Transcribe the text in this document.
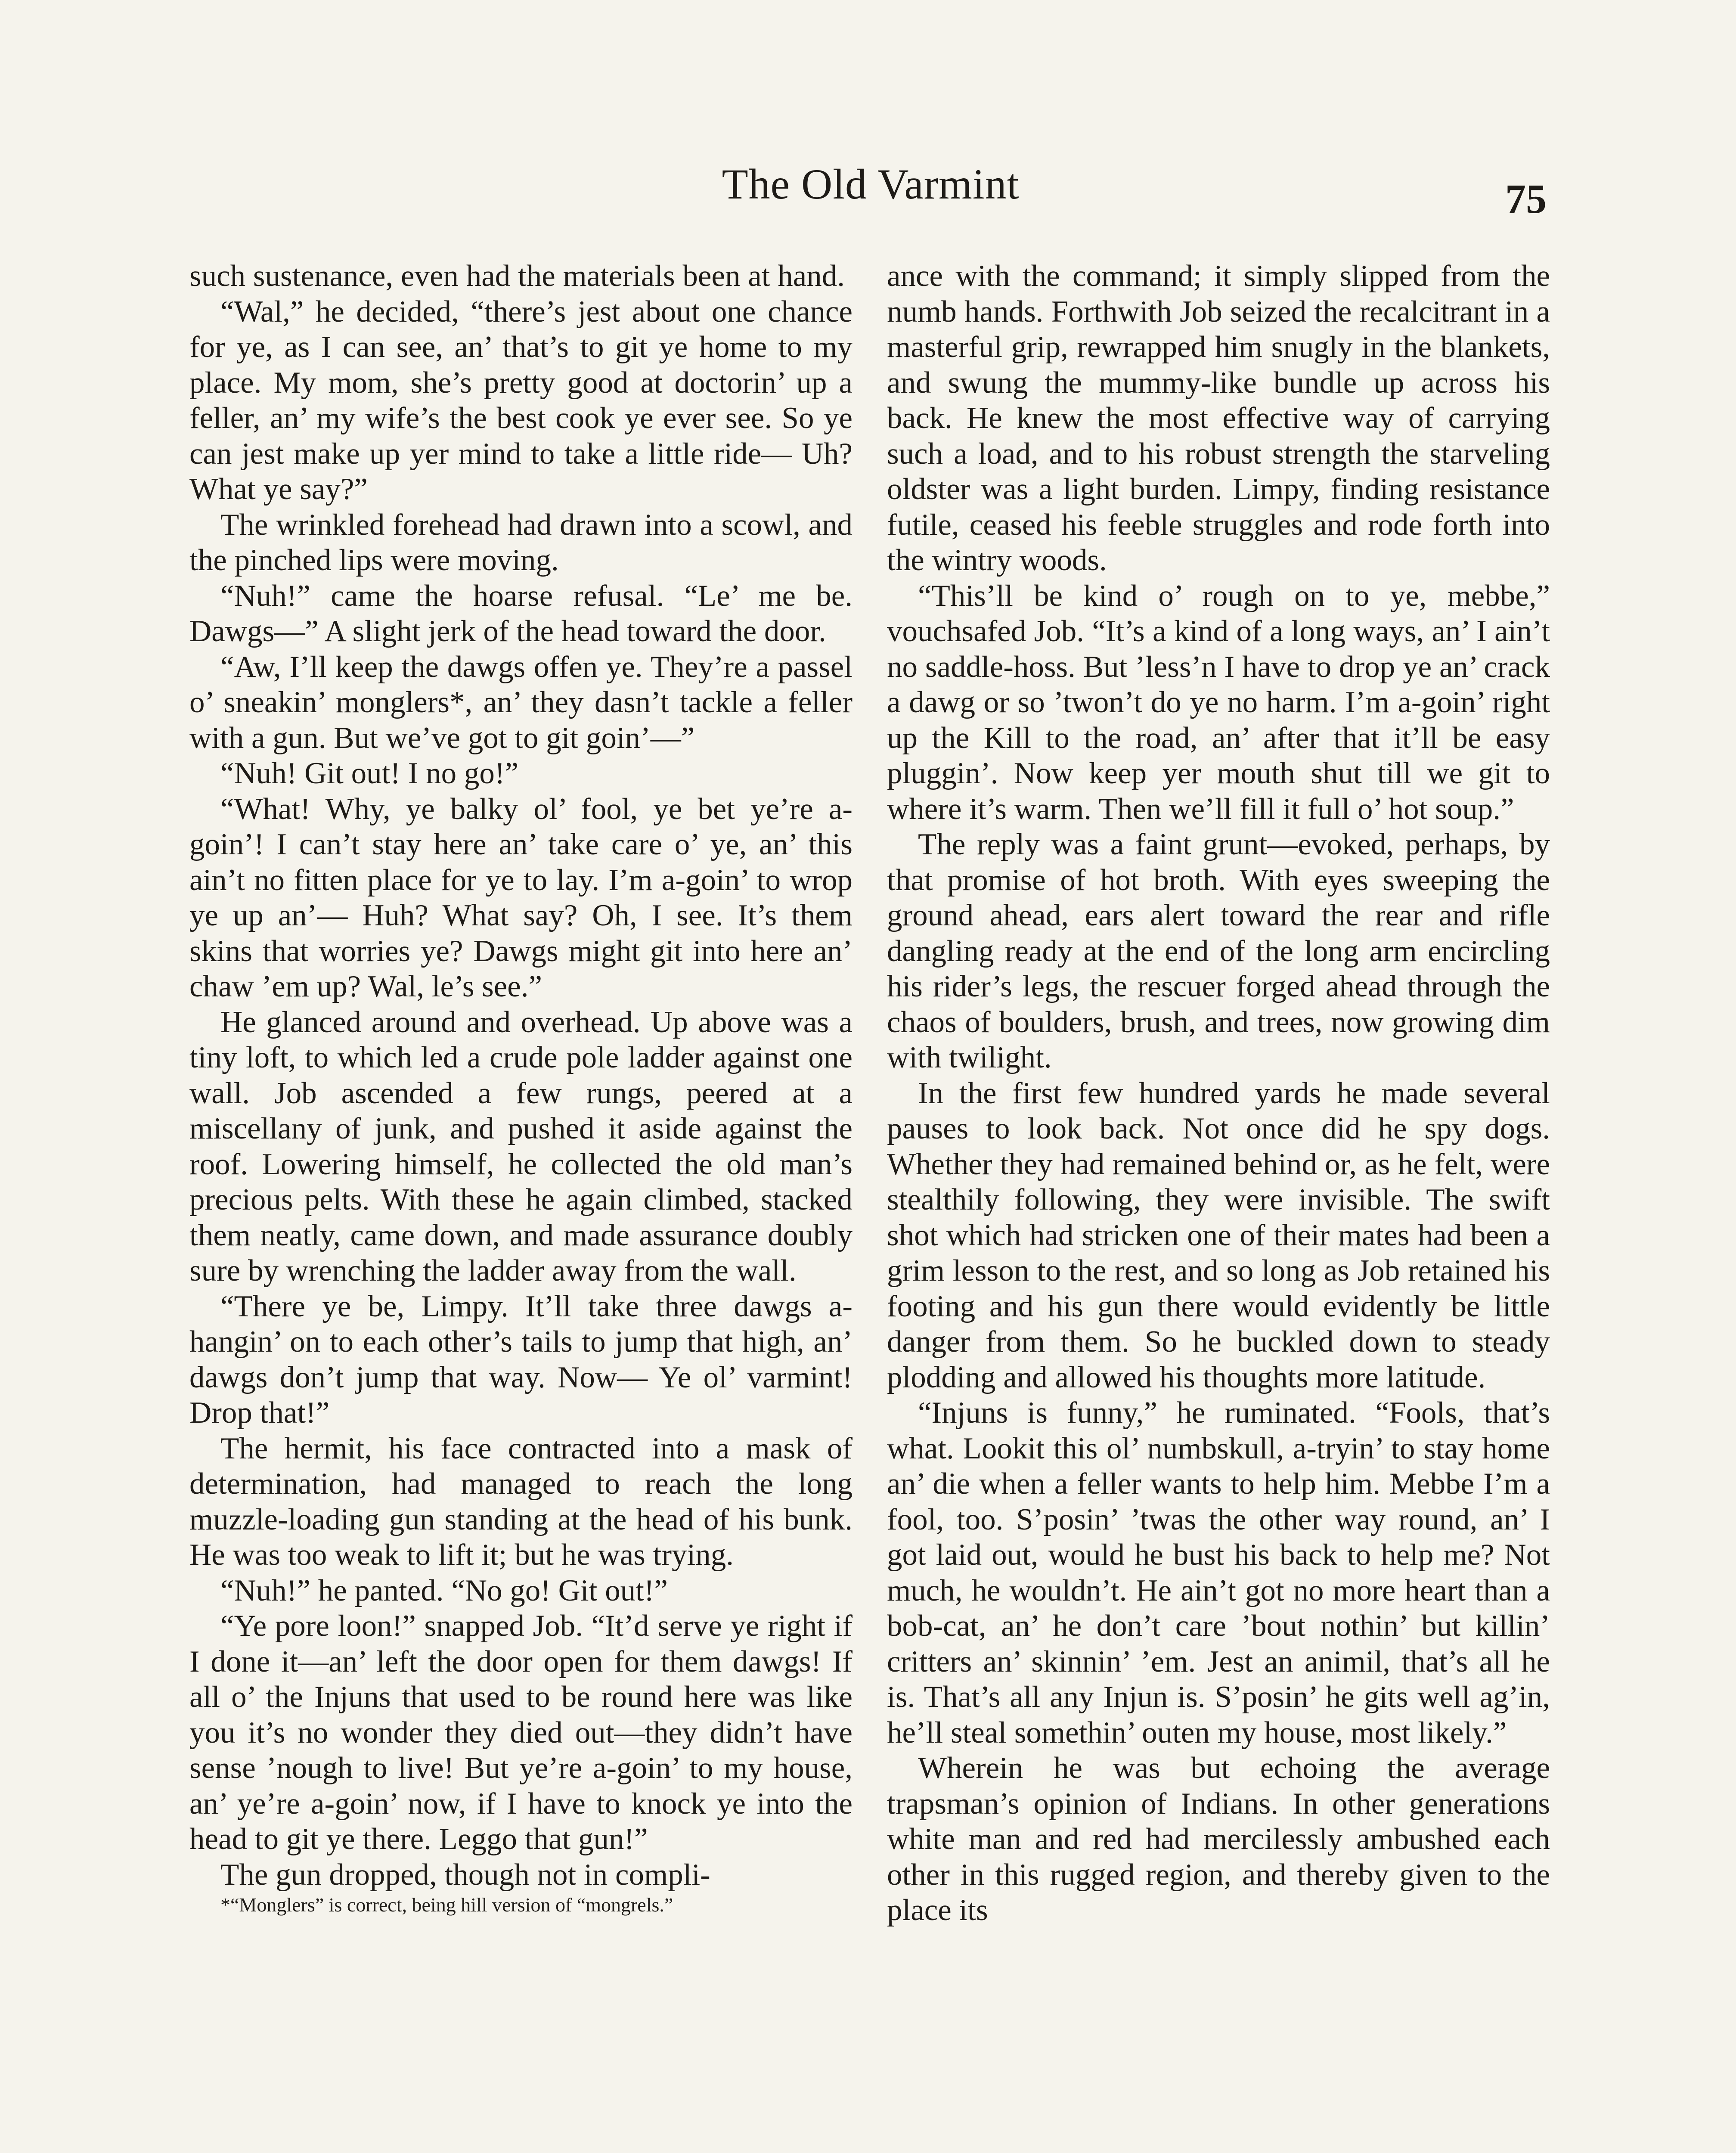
The Old Varmint	75

such sustenance, even had the materials been at hand.

“Wal,” he decided, “there’s jest about one chance for ye, as I can see, an’ that’s to git ye home to my place. My mom, she’s pretty good at doctorin’ up a feller, an’ my wife’s the best cook ye ever see. So ye can jest make up yer mind to take a little ride— Uh? What ye say?”

The wrinkled forehead had drawn into a scowl, and the pinched lips were moving.

“Nuh!” came the hoarse refusal. “Le’ me be. Dawgs—” A slight jerk of the head toward the door.

“Aw, I’ll keep the dawgs offen ye. They’re a passel o’ sneakin’ monglers*, an’ they dasn’t tackle a feller with a gun. But we’ve got to git goin’—”

“Nuh! Git out! I no go!”

“What! Why, ye balky ol’ fool, ye bet ye’re a-goin’! I can’t stay here an’ take care o’ ye, an’ this ain’t no fitten place for ye to lay. I’m a-goin’ to wrop ye up an’— Huh? What say? Oh, I see. It’s them skins that worries ye? Dawgs might git into here an’ chaw ’em up? Wal, le’s see.”

He glanced around and overhead. Up above was a tiny loft, to which led a crude pole ladder against one wall. Job ascended a few rungs, peered at a miscellany of junk, and pushed it aside against the roof. Lowering himself, he collected the old man’s precious pelts. With these he again climbed, stacked them neatly, came down, and made assurance doubly sure by wrenching the ladder away from the wall.

“There ye be, Limpy. It’ll take three dawgs a-hangin’ on to each other’s tails to jump that high, an’ dawgs don’t jump that way. Now— Ye ol’ varmint! Drop that!”

The hermit, his face contracted into a mask of determination, had managed to reach the long muzzle-loading gun standing at the head of his bunk. He was too weak to lift it; but he was trying.

“Nuh!” he panted. “No go! Git out!”

“Ye pore loon!” snapped Job. “It’d serve ye right if I done it—an’ left the door open for them dawgs! If all o’ the Injuns that used to be round here was like you it’s no wonder they died out—they didn’t have sense ’nough to live! But ye’re a-goin’ to my house, an’ ye’re a-goin’ now, if I have to knock ye into the head to git ye there. Leggo that gun!”

The gun dropped, though not in compli-

*“Monglers” is correct, being hill version of “mongrels.”

ance with the command; it simply slipped from the numb hands. Forthwith Job seized the recalcitrant in a masterful grip, rewrapped him snugly in the blankets, and swung the mummy-like bundle up across his back. He knew the most effective way of carrying such a load, and to his robust strength the starveling oldster was a light burden. Limpy, finding resistance futile, ceased his feeble struggles and rode forth into the wintry woods.

“This’ll be kind o’ rough on to ye, mebbe,” vouchsafed Job. “It’s a kind of a long ways, an’ I ain’t no saddle-hoss. But ’less’n I have to drop ye an’ crack a dawg or so ’twon’t do ye no harm. I’m a-goin’ right up the Kill to the road, an’ after that it’ll be easy pluggin’. Now keep yer mouth shut till we git to where it’s warm. Then we’ll fill it full o’ hot soup.”

The reply was a faint grunt—evoked, perhaps, by that promise of hot broth. With eyes sweeping the ground ahead, ears alert toward the rear and rifle dangling ready at the end of the long arm encircling his rider’s legs, the rescuer forged ahead through the chaos of boulders, brush, and trees, now growing dim with twilight.

In the first few hundred yards he made several pauses to look back. Not once did he spy dogs. Whether they had remained behind or, as he felt, were stealthily following, they were invisible. The swift shot which had stricken one of their mates had been a grim lesson to the rest, and so long as Job retained his footing and his gun there would evidently be little danger from them. So he buckled down to steady plodding and allowed his thoughts more latitude.

“Injuns is funny,” he ruminated. “Fools, that’s what. Lookit this ol’ numbskull, a-tryin’ to stay home an’ die when a feller wants to help him. Mebbe I’m a fool, too. S’posin’ ’twas the other way round, an’ I got laid out, would he bust his back to help me? Not much, he wouldn’t. He ain’t got no more heart than a bob-cat, an’ he don’t care ’bout nothin’ but killin’ critters an’ skinnin’ ’em. Jest an animil, that’s all he is. That’s all any Injun is. S’posin’ he gits well ag’in, he’ll steal somethin’ outen my house, most likely.”

Wherein he was but echoing the average trapsman’s opinion of Indians. In other generations white man and red had mercilessly ambushed each other in this rugged region, and thereby given to the place its
